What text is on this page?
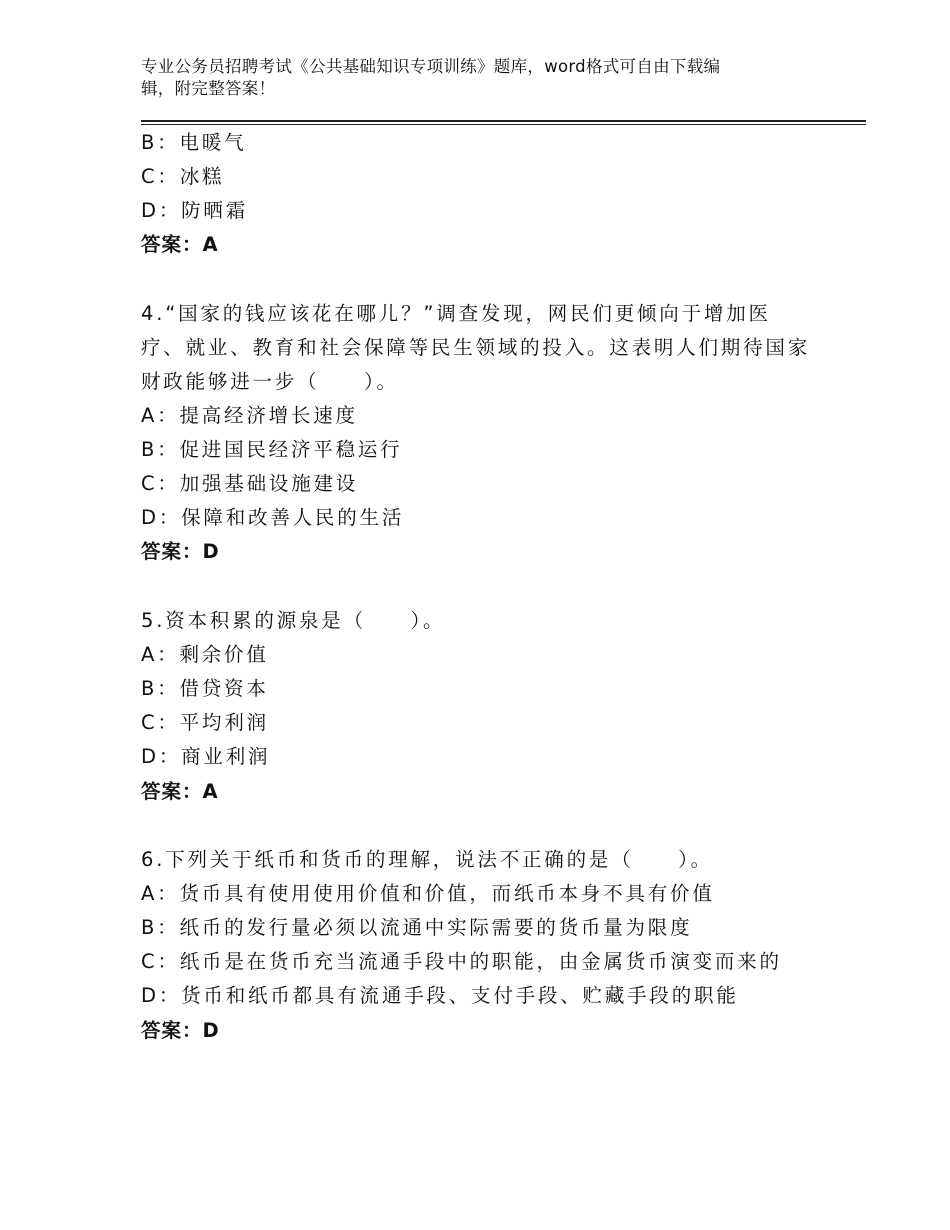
专业公务员招聘考试《公共基础知识专项训练》题库，word格式可自由下载编
辑，附完整答案！
B：电暖气
C：冰糕
D：防晒霜
答案：A
4.“国家的钱应该花在哪儿？”调查发现，网民们更倾向于增加医
疗、就业、教育和社会保障等民生领域的投入。这表明人们期待国家
财政能够进一步（　　）。
A：提高经济增长速度
B：促进国民经济平稳运行
C：加强基础设施建设
D：保障和改善人民的生活
答案：D
5.资本积累的源泉是（　　）。
A：剩余价值
B：借贷资本
C：平均利润
D：商业利润
答案：A
6.下列关于纸币和货币的理解，说法不正确的是（　　）。
A：货币具有使用使用价值和价值，而纸币本身不具有价值
B：纸币的发行量必须以流通中实际需要的货币量为限度
C：纸币是在货币充当流通手段中的职能，由金属货币演变而来的
D：货币和纸币都具有流通手段、支付手段、贮藏手段的职能
答案：D
